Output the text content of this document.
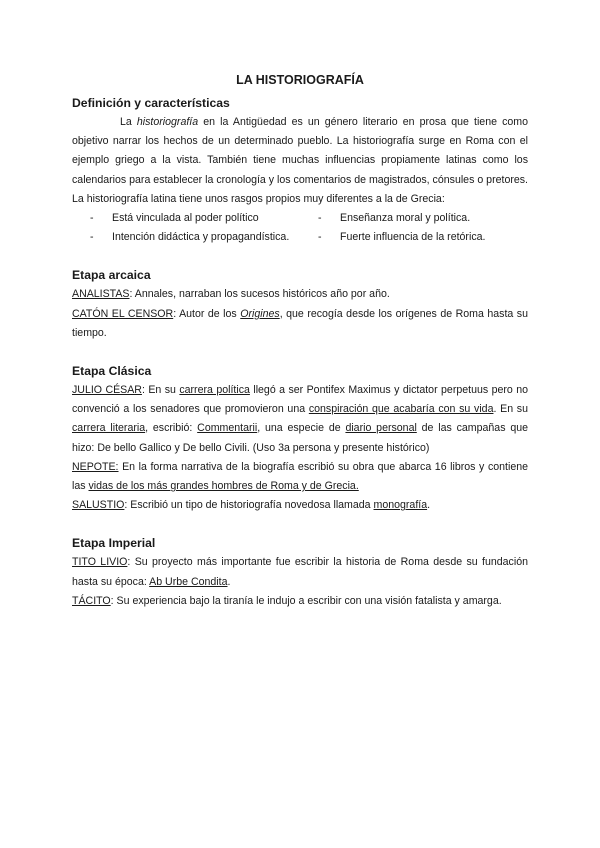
LA HISTORIOGRAFÍA
Definición y características

La historiografía en la Antigüedad es un género literario en prosa que tiene como objetivo narrar los hechos de un determinado pueblo. La historiografía surge en Roma con el ejemplo griego a la vista. También tiene muchas influencias propiamente latinas como los calendarios para establecer la cronología y los comentarios de magistrados, cónsules o pretores. La historiografía latina tiene unos rasgos propios muy diferentes a la de Grecia:

-	Está vinculada al poder político	-	Enseñanza moral y política.
-	Intención didáctica y propagandística.	-	Fuerte influencia de la retórica.
Etapa arcaica

ANALISTAS: Annales, narraban los sucesos históricos año por año.

CATÓN EL CENSOR: Autor de los Origines, que recogía desde los orígenes de Roma hasta su tiempo.

Etapa Clásica

JULIO CÉSAR: En su carrera política llegó a ser Pontifex Maximus y dictator perpetuus pero no convenció a los senadores que promovieron una conspiración que acabaría con su vida. En su carrera literaria, escribió: Commentarii, una especie de diario personal de las campañas que hizo: De bello Gallico y De bello Civili. (Uso 3a persona y presente histórico)

NEPOTE: En la forma narrativa de la biografía escribió su obra que abarca 16 libros y contiene las vidas de los más grandes hombres de Roma y de Grecia.

SALUSTIO: Escribió un tipo de historiografía novedosa llamada monografía.

Etapa Imperial

TITO LIVIO: Su proyecto más importante fue escribir la historia de Roma desde su fundación hasta su época: Ab Urbe Condita.

TÁCITO: Su experiencia bajo la tiranía le indujo a escribir con una visión fatalista y amarga.
